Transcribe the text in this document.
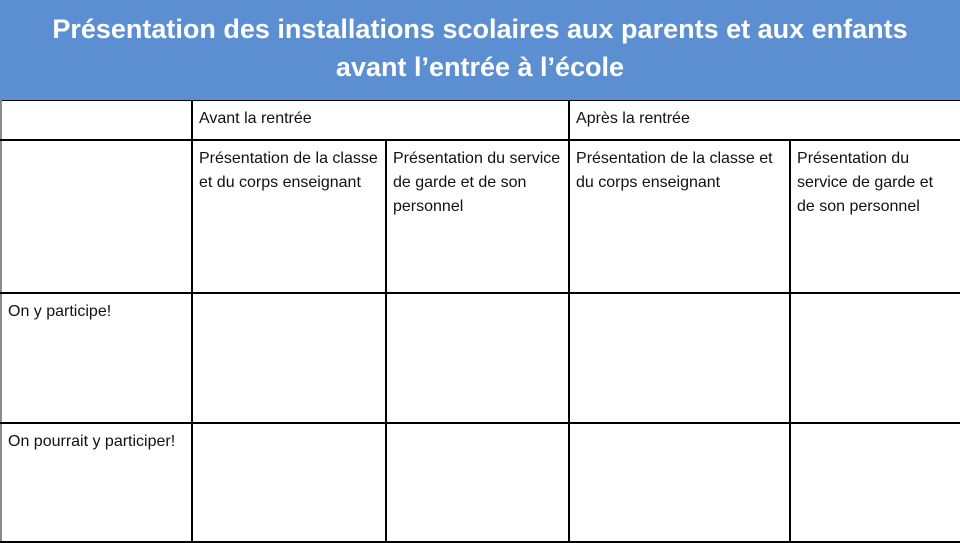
Présentation des installations scolaires aux parents et aux enfants avant l’entrée à l’école
	Avant la rentrée		Après la rentrée	
	Présentation de la classe et du corps enseignant	Présentation du service de garde et de son personnel	Présentation de la classe et du corps enseignant	Présentation du service de garde et de son personnel
On y participe!				
On pourrait y participer!				
